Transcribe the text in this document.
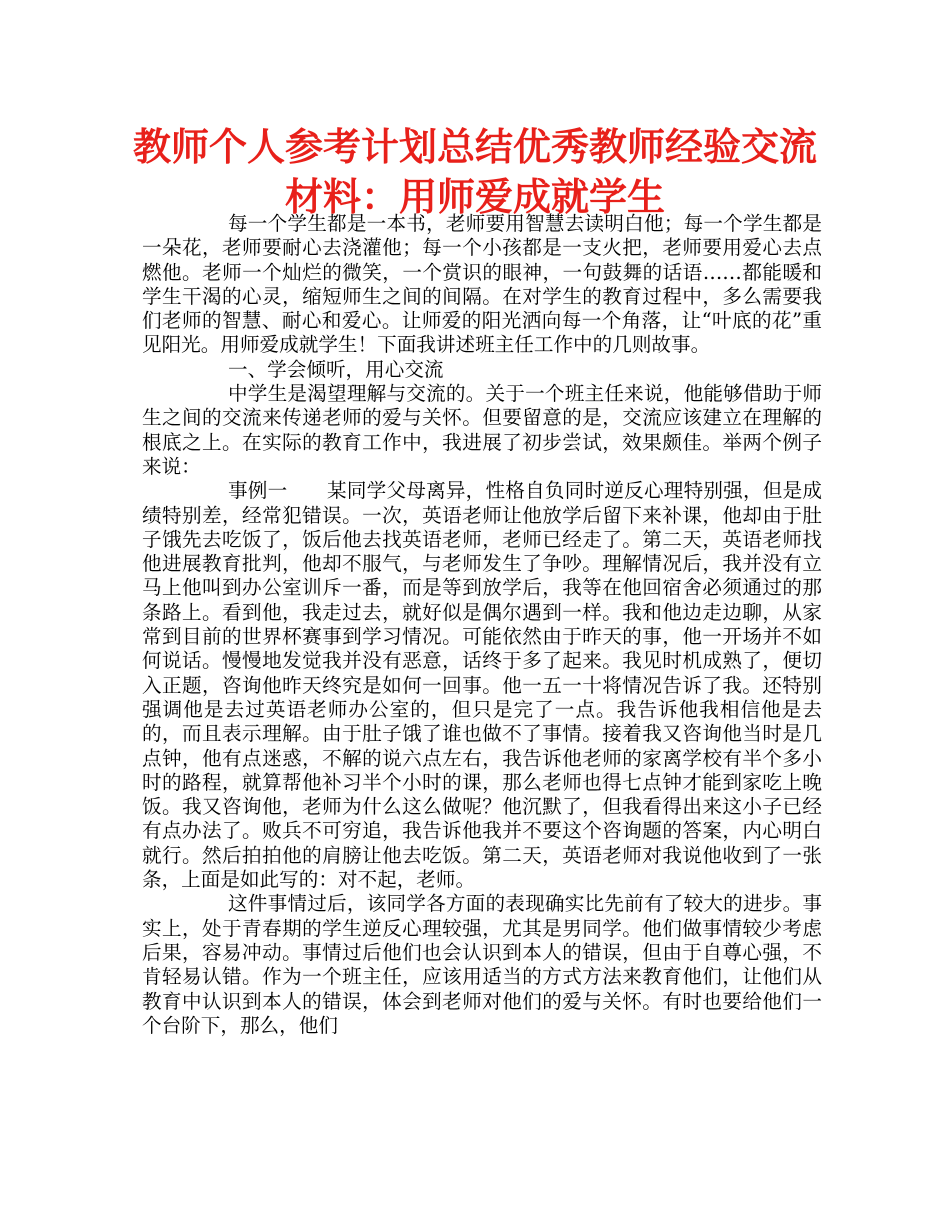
教师个人参考计划总结优秀教师经验交流
材料：用师爱成就学生

每一个学生都是一本书，老师要用智慧去读明白他；每一个学生都是一朵花，老师要耐心去浇灌他；每一个小孩都是一支火把，老师要用爱心去点燃他。老师一个灿烂的微笑，一个赏识的眼神，一句鼓舞的话语……都能暖和学生干渴的心灵，缩短师生之间的间隔。在对学生的教育过程中，多么需要我们老师的智慧、耐心和爱心。让师爱的阳光洒向每一个角落，让“叶底的花”重见阳光。用师爱成就学生！下面我讲述班主任工作中的几则故事。

一、学会倾听，用心交流

中学生是渴望理解与交流的。关于一个班主任来说，他能够借助于师生之间的交流来传递老师的爱与关怀。但要留意的是，交流应该建立在理解的根底之上。在实际的教育工作中，我进展了初步尝试，效果颇佳。举两个例子来说：

事例一　　某同学父母离异，性格自负同时逆反心理特别强，但是成绩特别差，经常犯错误。一次，英语老师让他放学后留下来补课，他却由于肚子饿先去吃饭了，饭后他去找英语老师，老师已经走了。第二天，英语老师找他进展教育批判，他却不服气，与老师发生了争吵。理解情况后，我并没有立马上他叫到办公室训斥一番，而是等到放学后，我等在他回宿舍必须通过的那条路上。看到他，我走过去，就好似是偶尔遇到一样。我和他边走边聊，从家常到目前的世界杯赛事到学习情况。可能依然由于昨天的事，他一开场并不如何说话。慢慢地发觉我并没有恶意，话终于多了起来。我见时机成熟了，便切入正题，咨询他昨天终究是如何一回事。他一五一十将情况告诉了我。还特别强调他是去过英语老师办公室的，但只是完了一点。我告诉他我相信他是去的，而且表示理解。由于肚子饿了谁也做不了事情。接着我又咨询他当时是几点钟，他有点迷惑，不解的说六点左右，我告诉他老师的家离学校有半个多小时的路程，就算帮他补习半个小时的课，那么老师也得七点钟才能到家吃上晚饭。我又咨询他，老师为什么这么做呢？他沉默了，但我看得出来这小子已经有点办法了。败兵不可穷追，我告诉他我并不要这个咨询题的答案，内心明白就行。然后拍拍他的肩膀让他去吃饭。第二天，英语老师对我说他收到了一张条，上面是如此写的：对不起，老师。

这件事情过后，该同学各方面的表现确实比先前有了较大的进步。事实上，处于青春期的学生逆反心理较强，尤其是男同学。他们做事情较少考虑后果，容易冲动。事情过后他们也会认识到本人的错误，但由于自尊心强，不肯轻易认错。作为一个班主任，应该用适当的方式方法来教育他们，让他们从教育中认识到本人的错误，体会到老师对他们的爱与关怀。有时也要给他们一个台阶下，那么，他们
